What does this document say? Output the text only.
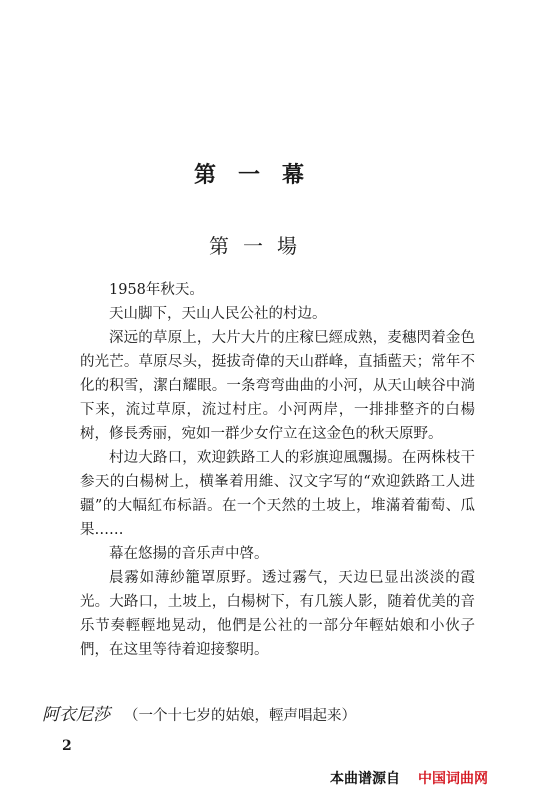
第一幕
第一場

1958年秋天。

天山脚下，天山人民公社的村边。

深远的草原上，大片大片的庄稼巳經成熟，麦穗閃着金色的光芒。草原尽头，挺拔奇偉的天山群峰，直插藍天；常年不化的积雪，潔白耀眼。一条弯弯曲曲的小河，从天山峡谷中淌下来，流过草原，流过村庄。小河两岸，一排排整齐的白楊树，修長秀丽，宛如一群少女佇立在这金色的秋天原野。

村边大路口，欢迎鉄路工人的彩旗迎風飄揚。在两株枝干参天的白楊树上，横峯着用維、汉文字写的“欢迎鉄路工人进疆”的大幅紅布标語。在一个天然的土坡上，堆滿着葡萄、瓜果……

幕在悠揚的音乐声中啓。

晨霧如薄紗籠罩原野。透过霧气，天边巳显出淡淡的霞光。大路口，土坡上，白楊树下，有几簇人影，随着优美的音乐节奏輕輕地晃动，他們是公社的一部分年輕姑娘和小伙子們，在这里等待着迎接黎明。

阿衣尼莎 （一个十七岁的姑娘，輕声唱起来）
2
本曲谱源自 中国词曲网
